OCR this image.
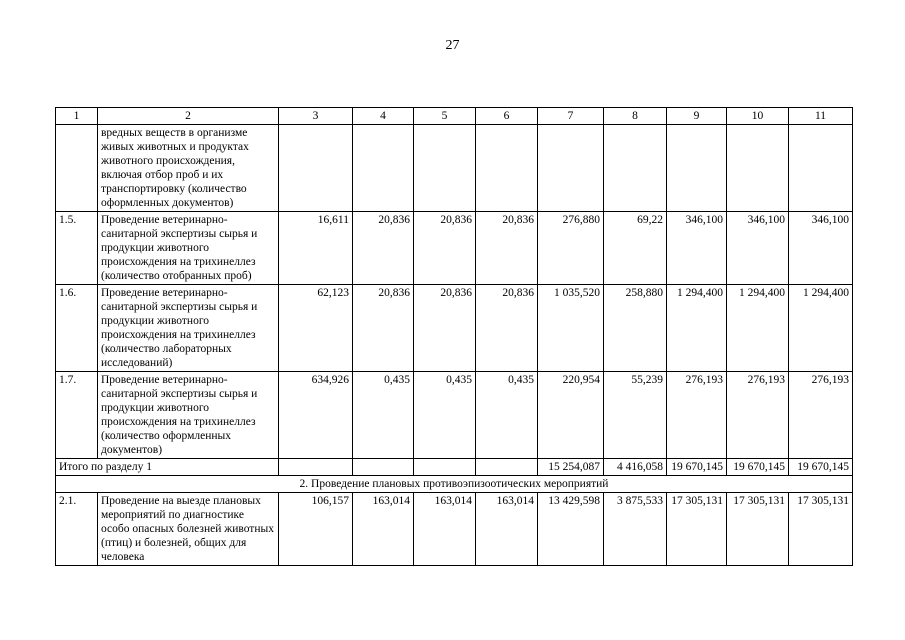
27
1	2	3	4	5	6	7	8	9	10	11
	вредных веществ в организме живых животных и продуктах животного происхождения, включая отбор проб и их транспортировку (количество оформленных документов)									
1.5.	Проведение ветеринарно-санитарной экспертизы сырья и продукции животного происхождения на трихинеллез (количество отобранных проб)	16,611	20,836	20,836	20,836	276,880	69,22	346,100	346,100	346,100
1.6.	Проведение ветеринарно-санитарной экспертизы сырья и продукции животного происхождения на трихинеллез (количество лабораторных исследований)	62,123	20,836	20,836	20,836	1 035,520	258,880	1 294,400	1 294,400	1 294,400
1.7.	Проведение ветеринарно-санитарной экспертизы сырья и продукции животного происхождения на трихинеллез (количество оформленных документов)	634,926	0,435	0,435	0,435	220,954	55,239	276,193	276,193	276,193
Итого по разделу 1						15 254,087	4 416,058	19 670,145	19 670,145	19 670,145
2. Проведение плановых противоэпизоотических мероприятий										
2.1.	Проведение на выезде плановых мероприятий по диагностике особо опасных болезней животных (птиц) и болезней, общих для человека	106,157	163,014	163,014	163,014	13 429,598	3 875,533	17 305,131	17 305,131	17 305,131
